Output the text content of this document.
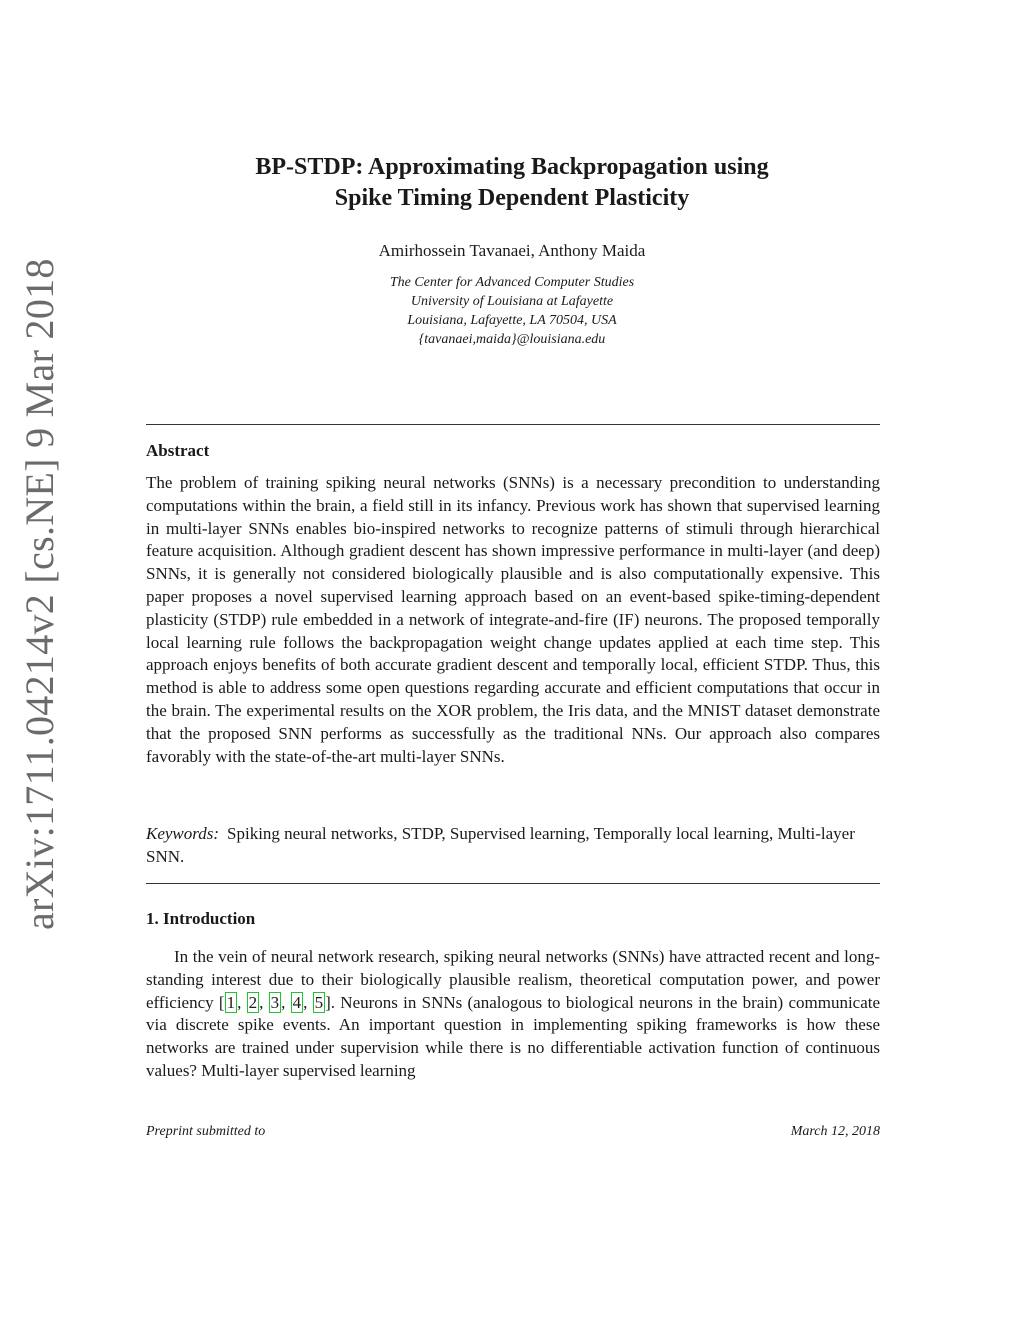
arXiv:1711.04214v2 [cs.NE] 9 Mar 2018
BP-STDP: Approximating Backpropagation using
Spike Timing Dependent Plasticity
Amirhossein Tavanaei, Anthony Maida
The Center for Advanced Computer Studies
University of Louisiana at Lafayette
Louisiana, Lafayette, LA 70504, USA
{tavanaei,maida}@louisiana.edu
Abstract
The problem of training spiking neural networks (SNNs) is a necessary precondition to understanding computations within the brain, a field still in its infancy. Previous work has shown that supervised learning in multi-layer SNNs enables bio-inspired networks to recognize patterns of stimuli through hierarchical feature acquisition. Although gradient descent has shown impressive performance in multi-layer (and deep) SNNs, it is generally not considered biologically plausible and is also computationally expensive. This paper proposes a novel supervised learning approach based on an event-based spike-timing-dependent plasticity (STDP) rule embedded in a network of integrate-and-fire (IF) neurons. The proposed temporally local learning rule follows the backpropagation weight change updates applied at each time step. This approach enjoys benefits of both accurate gradient descent and temporally local, efficient STDP. Thus, this method is able to address some open questions regarding accurate and efficient computations that occur in the brain. The experimental results on the XOR problem, the Iris data, and the MNIST dataset demonstrate that the proposed SNN performs as successfully as the traditional NNs. Our approach also compares favorably with the state-of-the-art multi-layer SNNs.
Keywords: Spiking neural networks, STDP, Supervised learning, Temporally local learning, Multi-layer SNN.
1. Introduction
In the vein of neural network research, spiking neural networks (SNNs) have attracted recent and long-standing interest due to their biologically plausible realism, theoretical computation power, and power efficiency [ 1 , 2 , 3 , 4 , 5 ]. Neurons in SNNs (analogous to biological neurons in the brain) communicate via discrete spike events. An important question in implementing spiking frameworks is how these networks are trained under supervision while there is no differentiable activation function of continuous values? Multi-layer supervised learning
Preprint submitted to	March 12, 2018
